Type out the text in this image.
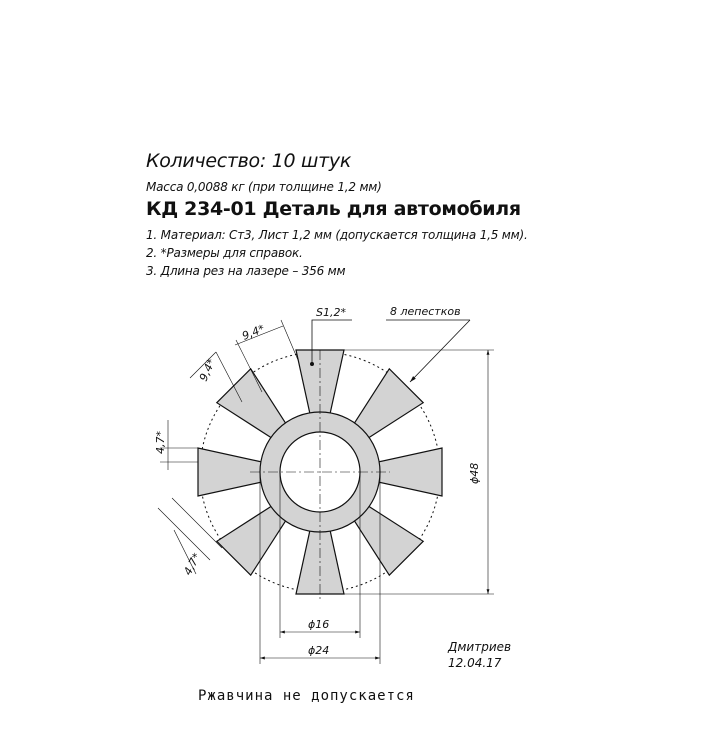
Количество: 10 штук
Масса 0,0088 кг (при толщине 1,2 мм)
КД 234-01 Деталь для автомобиля
1. Материал: Ст3, Лист 1,2 мм (допускается толщина 1,5 мм).
2. *Размеры для справок.
3. Длина рез на лазере – 356 мм
S1,2*	8 лепестков
9,4*
9,4*
4,7*
4,7*
ϕ48
ϕ16
ϕ24	Дмитриев
12.04.17
Ржавчина не допускается
